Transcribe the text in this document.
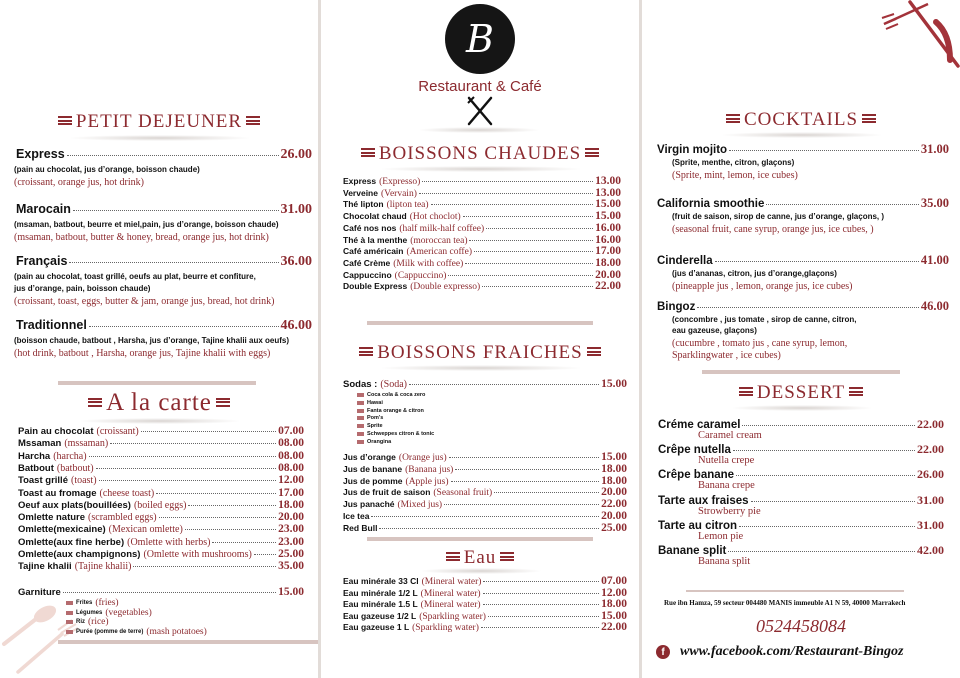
PETIT DEJEUNER
Express	26.00
(pain au chocolat, jus d’orange, boisson chaude)
(croissant, orange jus, hot drink)
Marocain	31.00
(msaman, batbout, beurre et miel,pain, jus d’orange, boisson chaude)
(msaman, batbout, butter & honey, bread, orange jus, hot drink)
Français	36.00
(pain au chocolat, toast grillé, oeufs au plat, beurre et confiture,
jus d’orange, pain, boisson chaude)
(croissant, toast, eggs, butter & jam, orange jus, bread, hot drink)
Traditionnel	46.00
(boisson chaude, batbout , Harsha, jus d’orange, Tajine khalii aux oeufs)
(hot drink, batbout , Harsha, orange jus, Tajine khalii with eggs)
A la carte
Pain au chocolat (croissant)	07.00
Mssaman (mssaman)	08.00
Harcha (harcha)	08.00
Batbout (batbout)	08.00
Toast grillé (toast)	12.00
Toast au fromage (cheese toast)	17.00
Oeuf aux plats(bouillées) (boiled eggs)	18.00
Omlette nature (scrambled eggs)	20.00
Omlette(mexicaine) (Mexican omlette)	23.00
Omlette(aux fine herbe) (Omlette with herbs)	23.00
Omlette(aux champignons) (Omlette with mushrooms) 25.00
Tajine khalii (Tajine khalii)	35.00
Garniture	15.00
Frites (fries)
Légumes (vegetables)
Riz (rice)
Purée (pomme de terre) (mash potatoes)
B
Restaurant & Café
BOISSONS CHAUDES
Express (Expresso)	13.00
Verveine (Vervain)	13.00
Thé lipton (lipton tea)	15.00
Chocolat chaud (Hot choclot)	15.00
Café nos nos (half milk-half coffee)	16.00
Thé à la menthe (moroccan tea)	16.00
Café américain (American coffe)	17.00
Café Crème (Milk with coffee)	18.00
Cappuccino (Cappuccino)	20.00
Double Express (Double expresso)	22.00
BOISSONS FRAICHES
Sodas : (Soda)	15.00
Coca cola & coca zero
Hawai
Fanta orange & citron
Pom's
Sprite
Schweppes citron & tonic
Orangina
Jus d’orange (Orange jus)	15.00
Jus de banane (Banana jus)	18.00
Jus de pomme (Apple jus)	18.00
Jus de fruit de saison (Seasonal fruit)	20.00
Jus panaché (Mixed jus)	22.00
Ice tea	20.00
Red Bull	25.00
Eau
Eau minérale 33 Cl (Mineral water)	07.00
Eau minérale 1/2 L (Mineral water)	12.00
Eau minérale 1.5 L (Mineral water)	18.00
Eau gazeuse 1/2 L (Sparkling water)	15.00
Eau gazeuse 1 L (Sparkling water)	22.00
COCKTAILS
Virgin mojito	31.00
(Sprite, menthe, citron, glaçons)
(Sprite, mint, lemon, ice cubes)
California smoothie	35.00
(fruit de saison, sirop de canne, jus d’orange, glaçons, )
(seasonal fruit, cane syrup, orange jus, ice cubes, )
Cinderella	41.00
(jus d’ananas, citron, jus d’orange,glaçons)
(pineapple jus , lemon, orange jus, ice cubes)
Bingoz	46.00
(concombre , jus tomate , sirop de canne, citron,
eau gazeuse, glaçons)
(cucumbre , tomato jus , cane syrup, lemon,
Sparklingwater , ice cubes)
DESSERT
Créme caramel	22.00
Caramel cream
Crêpe nutella	22.00
Nutella crepe
Crêpe banane	26.00
Banana crepe
Tarte aux fraises	31.00
Strowberry pie
Tarte au citron	31.00
Lemon pie
Banane split	42.00
Banana split
Rue ibn Hamza, 59 secteur 004480 MANIS immeuble A1 N 59, 40000 Marrakech
0524458084
f	www.facebook.com/Restaurant-Bingoz
